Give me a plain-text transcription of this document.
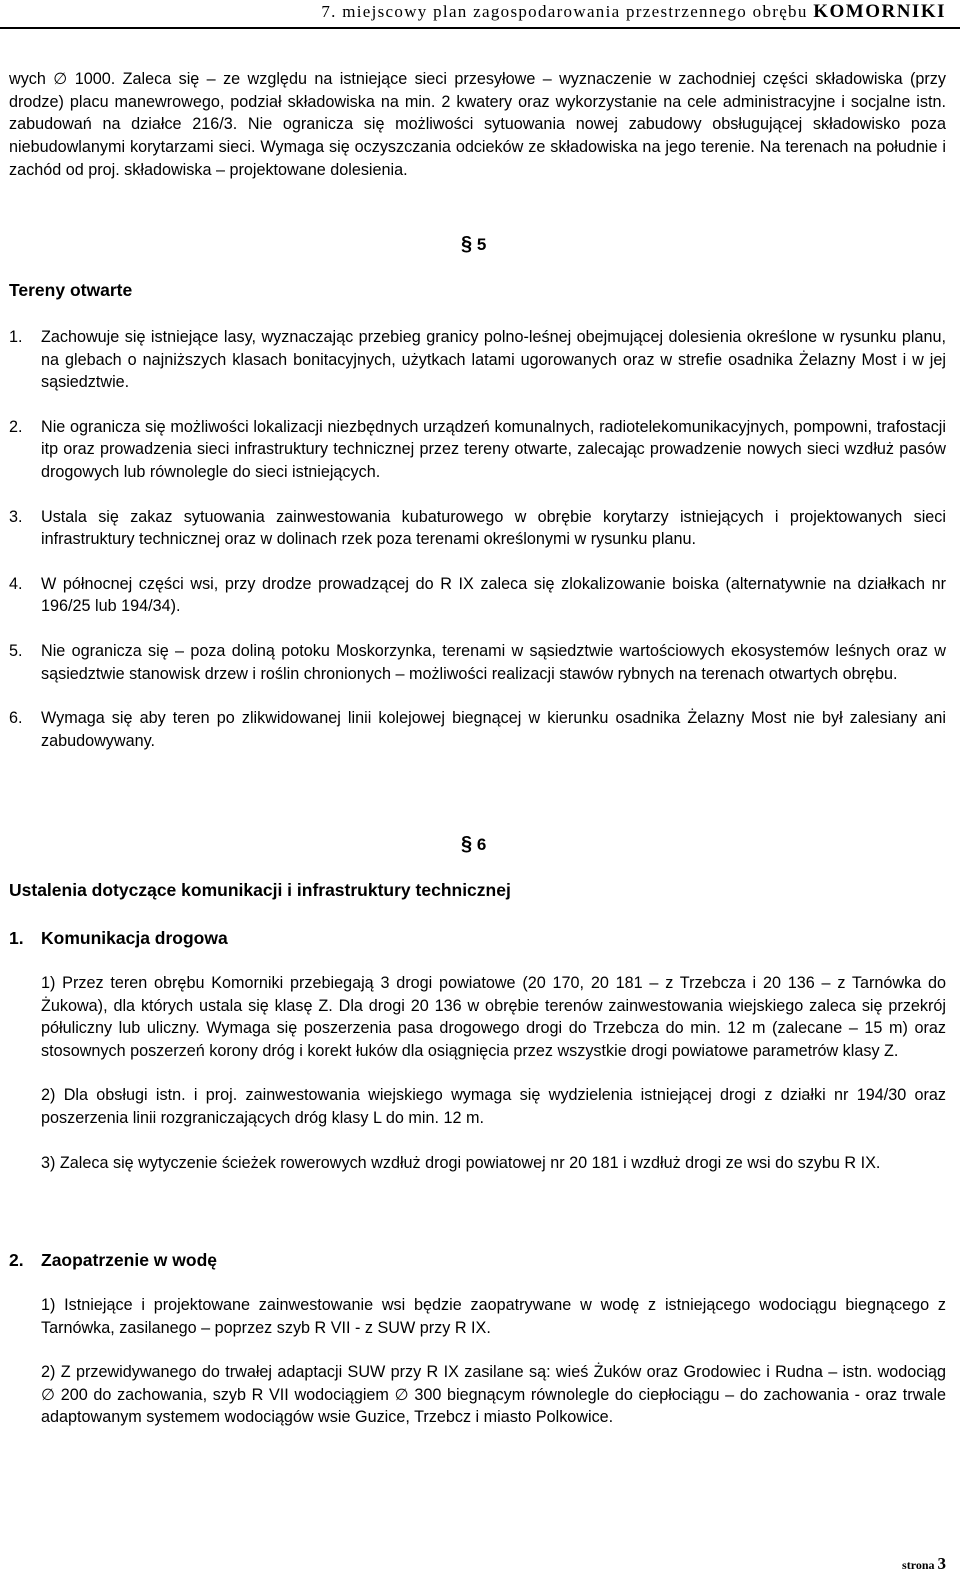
7. miejscowy plan zagospodarowania przestrzennego obrębu KOMORNIKI

wych ∅ 1000. Zaleca się – ze względu na istniejące sieci przesyłowe – wyznaczenie w zachodniej części składowiska (przy drodze) placu manewrowego, podział składowiska na min. 2 kwatery oraz wykorzystanie na cele administracyjne i socjalne istn. zabudowań na działce 216/3. Nie ogranicza się możliwości sytuowania nowej zabudowy obsługującej składowisko poza niebudowlanymi korytarzami sieci. Wymaga się oczyszczania odcieków ze składowiska na jego terenie. Na terenach na południe i zachód od proj. składowiska – projektowane dolesienia.

§ 5
Tereny otwarte
1. Zachowuje się istniejące lasy, wyznaczając przebieg granicy polno-leśnej obejmującej dolesienia określone w rysunku planu, na glebach o najniższych klasach bonitacyjnych, użytkach latami ugorowanych oraz w strefie osadnika Żelazny Most i w jej sąsiedztwie.

2. Nie ogranicza się możliwości lokalizacji niezbędnych urządzeń komunalnych, radiotelekomunikacyjnych, pompowni, trafostacji itp oraz prowadzenia sieci infrastruktury technicznej przez tereny otwarte, zalecając prowadzenie nowych sieci wzdłuż pasów drogowych lub równolegle do sieci istniejących.

3. Ustala się zakaz sytuowania zainwestowania kubaturowego w obrębie korytarzy istniejących i projektowanych sieci infrastruktury technicznej oraz w dolinach rzek poza terenami określonymi w rysunku planu.

4. W północnej części wsi, przy drodze prowadzącej do R IX zaleca się zlokalizowanie boiska (alternatywnie na działkach nr 196/25 lub 194/34).

5. Nie ogranicza się – poza doliną potoku Moskorzynka, terenami w sąsiedztwie wartościowych ekosystemów leśnych oraz w sąsiedztwie stanowisk drzew i roślin chronionych – możliwości realizacji stawów rybnych na terenach otwartych obrębu.

6. Wymaga się aby teren po zlikwidowanej linii kolejowej biegnącej w kierunku osadnika Żelazny Most nie był zalesiany ani zabudowywany.

§ 6
Ustalenia dotyczące komunikacji i infrastruktury technicznej
1. Komunikacja drogowa

1) Przez teren obrębu Komorniki przebiegają 3 drogi powiatowe (20 170, 20 181 – z Trzebcza i 20 136 – z Tarnówka do Żukowa), dla których ustala się klasę Z. Dla drogi 20 136 w obrębie terenów zainwestowania wiejskiego zaleca się przekrój półuliczny lub uliczny. Wymaga się poszerzenia pasa drogowego drogi do Trzebcza do min. 12 m (zalecane – 15 m) oraz stosownych poszerzeń korony dróg i korekt łuków dla osiągnięcia przez wszystkie drogi powiatowe parametrów klasy Z.

2) Dla obsługi istn. i proj. zainwestowania wiejskiego wymaga się wydzielenia istniejącej drogi z działki nr 194/30 oraz poszerzenia linii rozgraniczających dróg klasy L do min. 12 m.

3) Zaleca się wytyczenie ścieżek rowerowych wzdłuż drogi powiatowej nr 20 181 i wzdłuż drogi ze wsi do szybu R IX.

2. Zaopatrzenie w wodę

1) Istniejące i projektowane zainwestowanie wsi będzie zaopatrywane w wodę z istniejącego wodociągu biegnącego z Tarnówka, zasilanego – poprzez szyb R VII - z SUW przy R IX.

2) Z przewidywanego do trwałej adaptacji SUW przy R IX zasilane są: wieś Żuków oraz Grodowiec i Rudna – istn. wodociąg ∅ 200 do zachowania, szyb R VII wodociągiem ∅ 300 biegnącym równolegle do ciepłociągu – do zachowania - oraz trwale adaptowanym systemem wodociągów wsie Guzice, Trzebcz i miasto Polkowice.

strona 3
